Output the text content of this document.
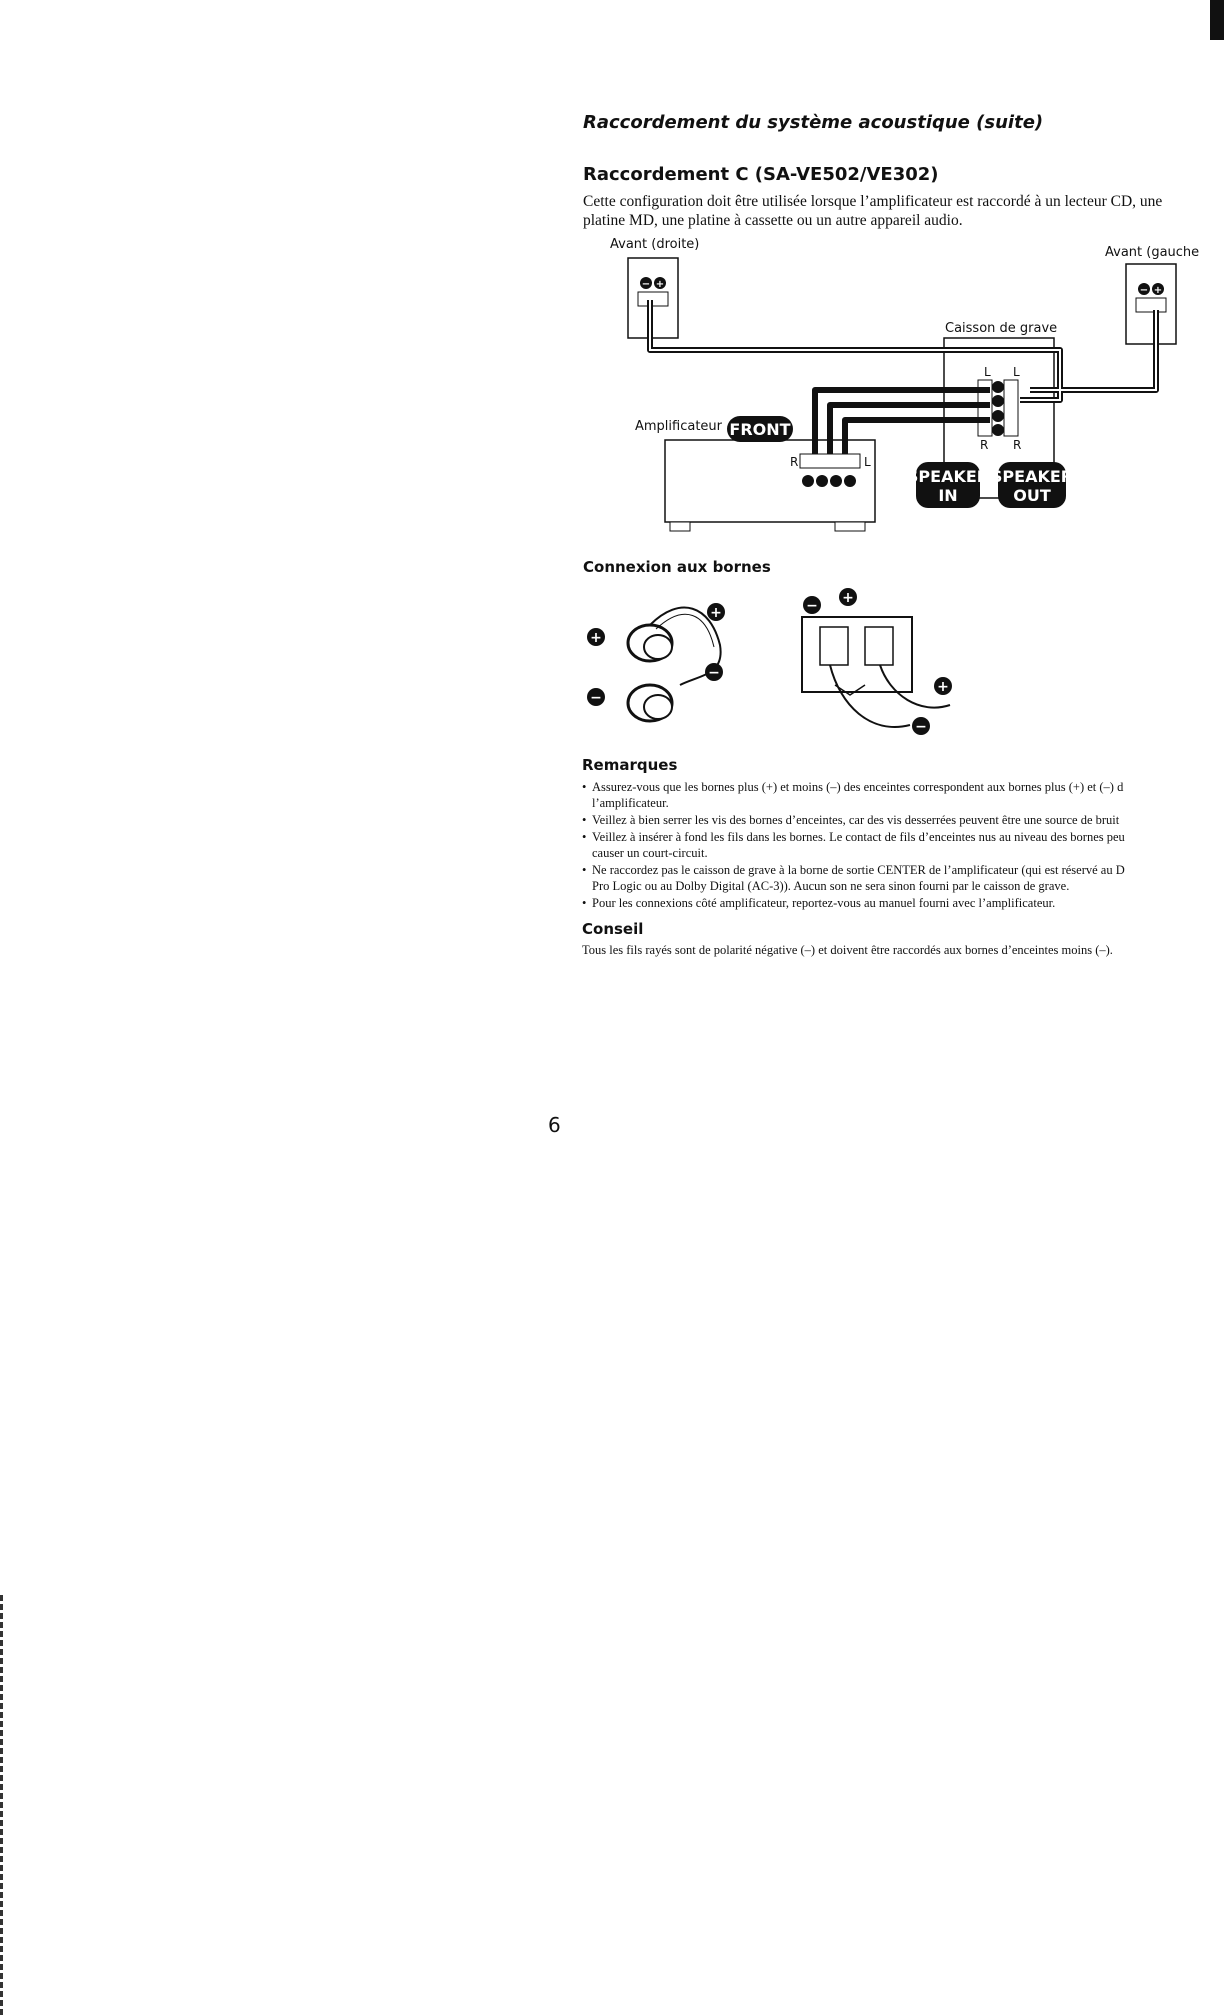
Raccordement du système acoustique (suite)
Raccordement C (SA-VE502/VE302)
Cette configuration doit être utilisée lorsque l’amplificateur est raccordé à un lecteur CD, une platine MD, une platine à cassette ou un autre appareil audio.
Avant (droite)
− +
Avant (gauche
− +
Caisson de grave
L L
R R
Amplificateur
R	L
FRONT
SPEAKER
IN
SPEAKER
OUT
Connexion aux bornes
+
+
−
−
− +
+
−
Remarques
• Assurez-vous que les bornes plus (+) et moins (–) des enceintes correspondent aux bornes plus (+) et (–) d
l’amplificateur.
• Veillez à bien serrer les vis des bornes d’enceintes, car des vis desserrées peuvent être une source de bruit
• Veillez à insérer à fond les fils dans les bornes. Le contact de fils d’enceintes nus au niveau des bornes peu
causer un court-circuit.
• Ne raccordez pas le caisson de grave à la borne de sortie CENTER de l’amplificateur (qui est réservé au D
Pro Logic ou au Dolby Digital (AC-3)). Aucun son ne sera sinon fourni par le caisson de grave.
• Pour les connexions côté amplificateur, reportez-vous au manuel fourni avec l’amplificateur.
Conseil
Tous les fils rayés sont de polarité négative (–) et doivent être raccordés aux bornes d’enceintes moins (–).
6
